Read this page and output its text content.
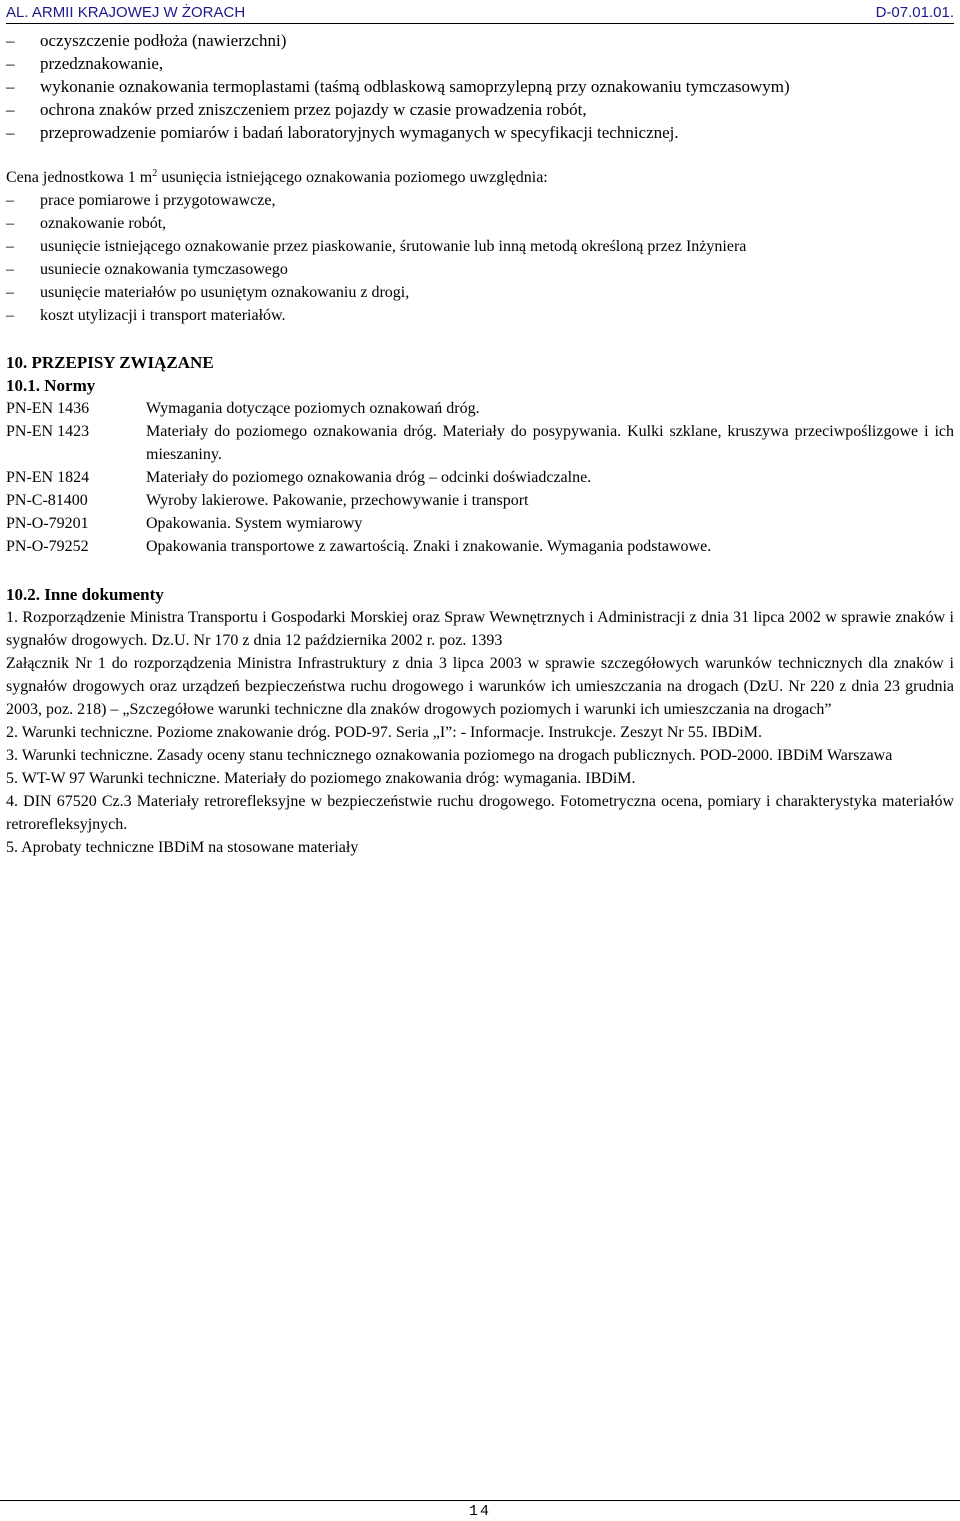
AL. ARMII KRAJOWEJ W ŻORACH	D-07.01.01.
– oczyszczenie podłoża (nawierzchni)
– przedznakowanie,
– wykonanie oznakowania termoplastami (taśmą odblaskową samoprzylepną przy oznakowaniu tymczasowym)
– ochrona znaków przed zniszczeniem przez pojazdy w czasie prowadzenia robót,
– przeprowadzenie pomiarów i badań laboratoryjnych wymaganych w specyfikacji technicznej.
Cena jednostkowa 1 $m^2$ usunięcia istniejącego oznakowania poziomego uwzględnia:
– prace pomiarowe i przygotowawcze,
– oznakowanie robót,
– usunięcie istniejącego oznakowanie przez piaskowanie, śrutowanie lub inną metodą określoną przez Inżyniera
– usuniecie oznakowania tymczasowego
– usunięcie materiałów po usuniętym oznakowaniu z drogi,
– koszt utylizacji i transport materiałów.
10. PRZEPISY ZWIĄZANE
10.1. Normy
PN-EN 1436	Wymagania dotyczące poziomych oznakowań dróg.
PN-EN 1423	Materiały do poziomego oznakowania dróg. Materiały do posypywania. Kulki szklane, kruszywa przeciwpoślizgowe i ich mieszaniny.
PN-EN 1824	Materiały do poziomego oznakowania dróg – odcinki doświadczalne.
PN-C-81400	Wyroby lakierowe. Pakowanie, przechowywanie i transport
PN-O-79201	Opakowania. System wymiarowy
PN-O-79252	Opakowania transportowe z zawartością. Znaki i znakowanie. Wymagania podstawowe.
10.2. Inne dokumenty

1. Rozporządzenie Ministra Transportu i Gospodarki Morskiej oraz Spraw Wewnętrznych i Administracji z dnia 31 lipca 2002 w sprawie znaków i sygnałów drogowych. Dz.U. Nr 170 z dnia 12 października 2002 r. poz. 1393

Załącznik Nr 1 do rozporządzenia Ministra Infrastruktury z dnia 3 lipca 2003 w sprawie szczegółowych warunków technicznych dla znaków i sygnałów drogowych oraz urządzeń bezpieczeństwa ruchu drogowego i warunków ich umieszczania na drogach (DzU. Nr 220 z dnia 23 grudnia 2003, poz. 218) – „Szczegółowe warunki techniczne dla znaków drogowych poziomych i warunki ich umieszczania na drogach”

2. Warunki techniczne. Poziome znakowanie dróg. POD-97. Seria „I”: - Informacje. Instrukcje. Zeszyt Nr 55. IBDiM.

3. Warunki techniczne. Zasady oceny stanu technicznego oznakowania poziomego na drogach publicznych. POD-2000. IBDiM Warszawa

5. WT-W 97 Warunki techniczne. Materiały do poziomego znakowania dróg: wymagania. IBDiM.

4. DIN 67520 Cz.3 Materiały retrorefleksyjne w bezpieczeństwie ruchu drogowego. Fotometryczna ocena, pomiary i charakterystyka materiałów retrorefleksyjnych.

5. Aprobaty techniczne IBDiM na stosowane materiały

14
